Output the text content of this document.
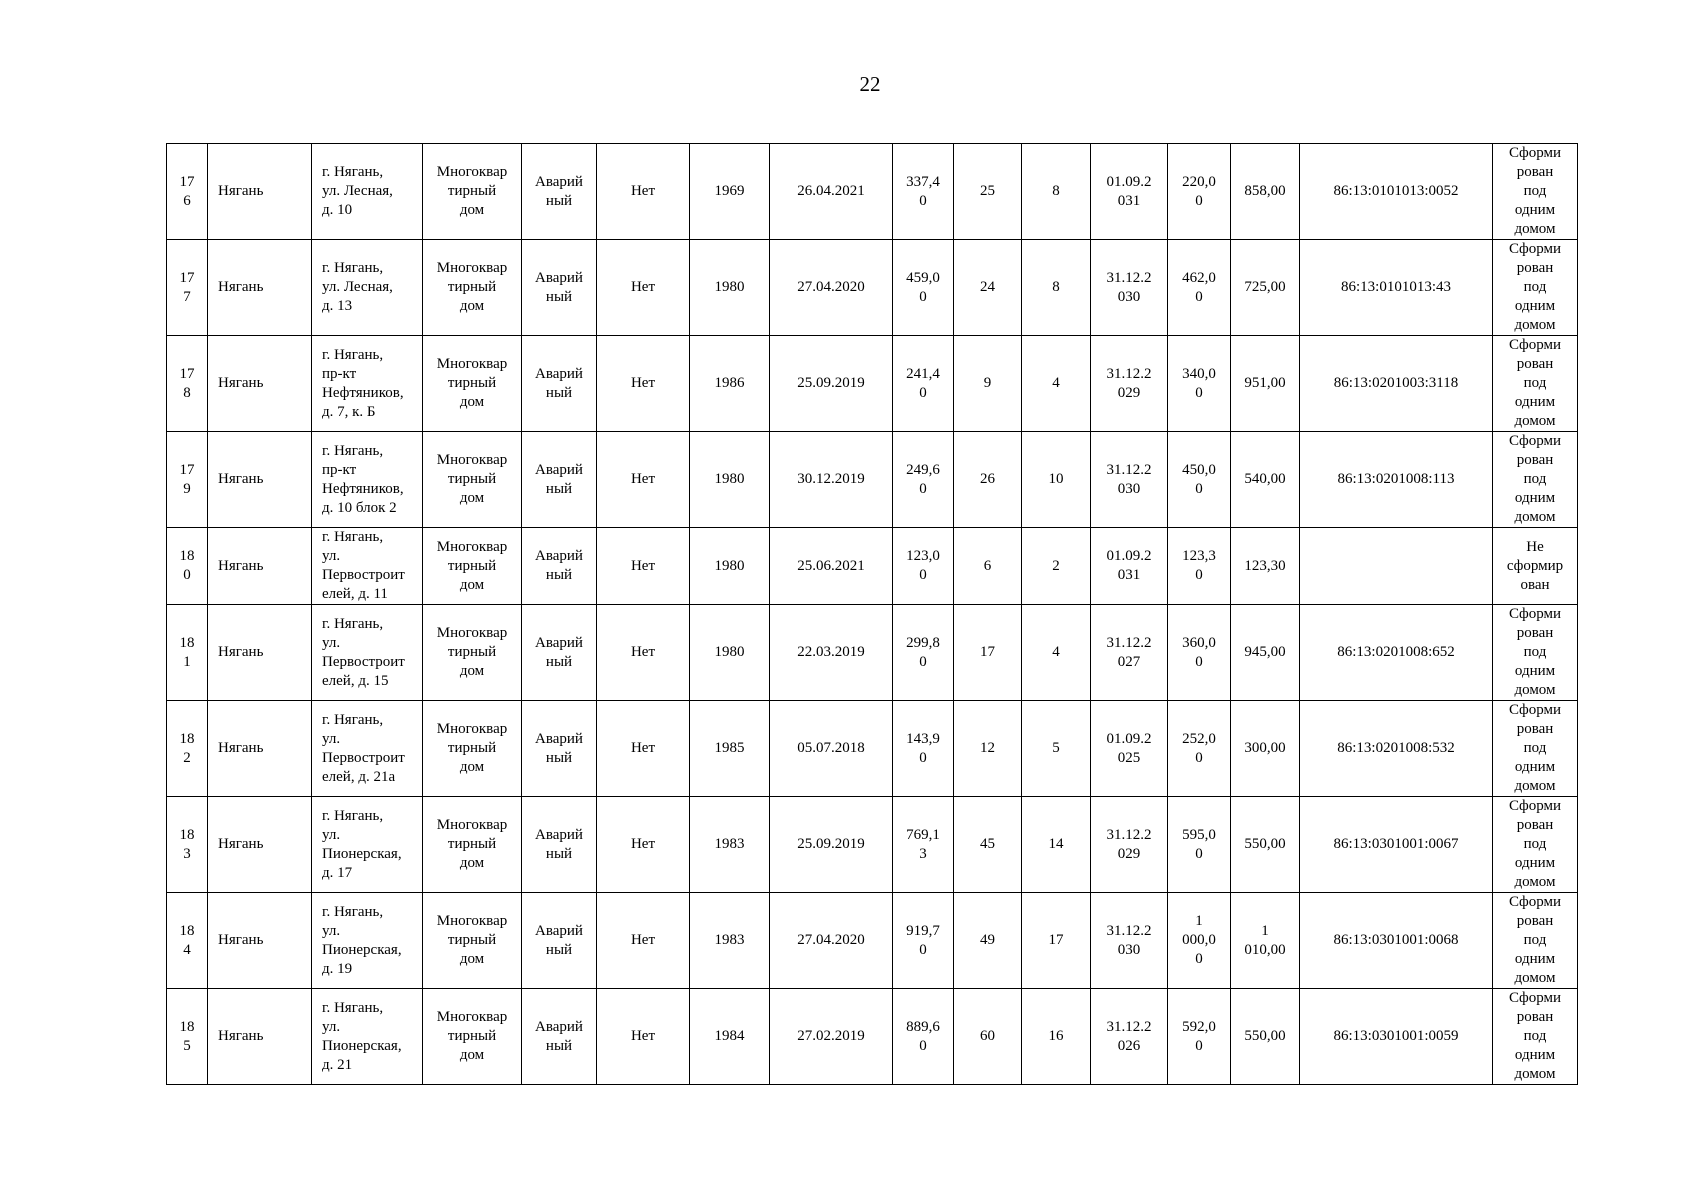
22
17
6	Нягань	г. Нягань,
ул. Лесная,
д. 10	Многоквар
тирный
дом	Аварий
ный	Нет	1969	26.04.2021	337,4
0	25	8	01.09.2
031	220,0
0	858,00	86:13:0101013:0052	Сформи
рован
под
одним
домом

17
7	Нягань	г. Нягань,
ул. Лесная,
д. 13	Многоквар
тирный
дом	Аварий
ный	Нет	1980	27.04.2020	459,0
0	24	8	31.12.2
030	462,0
0	725,00	86:13:0101013:43	Сформи
рован
под
одним
домом

17
8	Нягань	г. Нягань,
пр-кт
Нефтяников,
д. 7, к. Б	Многоквар
тирный
дом	Аварий
ный	Нет	1986	25.09.2019	241,4
0	9	4	31.12.2
029	340,0
0	951,00	86:13:0201003:3118	Сформи
рован
под
одним
домом

17
9	Нягань	г. Нягань,
пр-кт
Нефтяников,
д. 10 блок 2	Многоквар
тирный
дом	Аварий
ный	Нет	1980	30.12.2019	249,6
0	26	10	31.12.2
030	450,0
0	540,00	86:13:0201008:113	Сформи
рован
под
одним
домом

18
0	Нягань	г. Нягань,
ул.
Первостроит
елей, д. 11	Многоквар
тирный
дом	Аварий
ный	Нет	1980	25.06.2021	123,0
0	6	2	01.09.2
031	123,3
0	123,30		Не
сформир
ован

18
1	Нягань	г. Нягань,
ул.
Первостроит
елей, д. 15	Многоквар
тирный
дом	Аварий
ный	Нет	1980	22.03.2019	299,8
0	17	4	31.12.2
027	360,0
0	945,00	86:13:0201008:652	Сформи
рован
под
одним
домом

18
2	Нягань	г. Нягань,
ул.
Первостроит
елей, д. 21а	Многоквар
тирный
дом	Аварий
ный	Нет	1985	05.07.2018	143,9
0	12	5	01.09.2
025	252,0
0	300,00	86:13:0201008:532	Сформи
рован
под
одним
домом

18
3	Нягань	г. Нягань,
ул.
Пионерская,
д. 17	Многоквар
тирный
дом	Аварий
ный	Нет	1983	25.09.2019	769,1
3	45	14	31.12.2
029	595,0
0	550,00	86:13:0301001:0067	Сформи
рован
под
одним
домом

18
4	Нягань	г. Нягань,
ул.
Пионерская,
д. 19	Многоквар
тирный
дом	Аварий
ный	Нет	1983	27.04.2020	919,7
0	49	17	31.12.2
030	1
000,0
0	1
010,00	86:13:0301001:0068	Сформи
рован
под
одним
домом

18
5	Нягань	г. Нягань,
ул.
Пионерская,
д. 21	Многоквар
тирный
дом	Аварий
ный	Нет	1984	27.02.2019	889,6
0	60	16	31.12.2
026	592,0
0	550,00	86:13:0301001:0059	Сформи
рован
под
одним
домом
